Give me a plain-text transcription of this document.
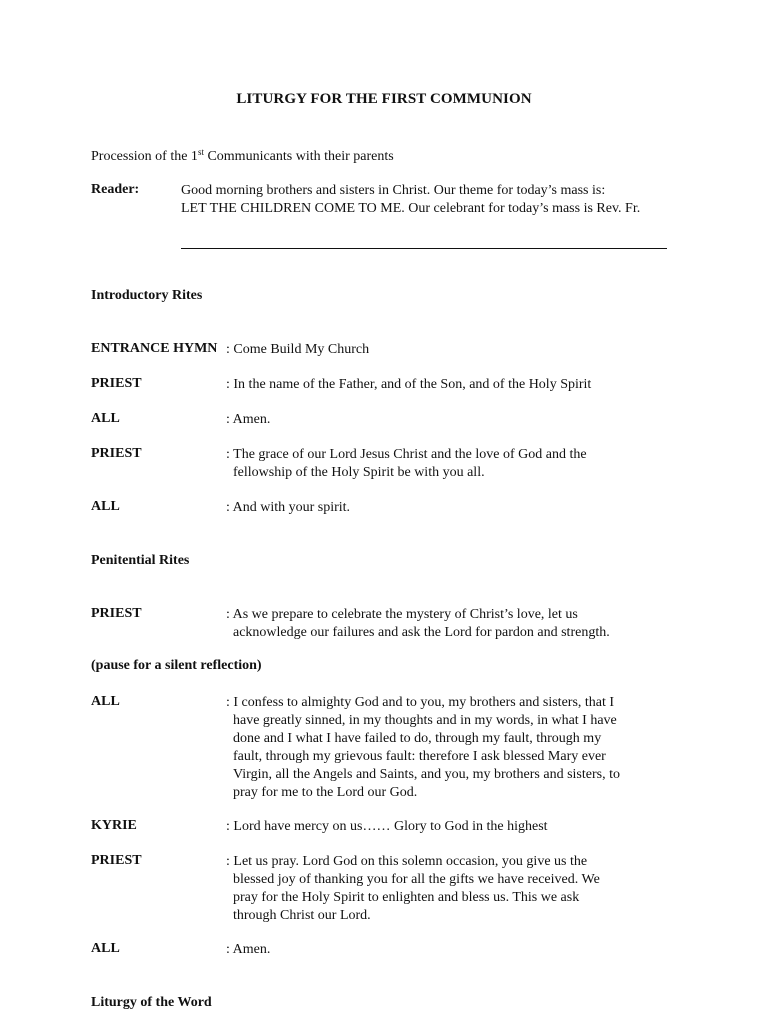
LITURGY FOR THE FIRST COMMUNION
Procession of the 1st Communicants with their parents
Reader:	Good morning brothers and sisters in Christ. Our theme for today’s mass is:
LET THE CHILDREN COME TO ME. Our celebrant for today’s mass is Rev. Fr.
Introductory Rites
ENTRANCE HYMN : Come Build My Church
PRIEST	: In the name of the Father, and of the Son, and of the Holy Spirit
ALL	: Amen.
PRIEST	: The grace of our Lord Jesus Christ and the love of God and the
fellowship of the Holy Spirit be with you all.
ALL	: And with your spirit.
Penitential Rites
PRIEST	: As we prepare to celebrate the mystery of Christ’s love, let us
acknowledge our failures and ask the Lord for pardon and strength.
(pause for a silent reflection)
ALL	: I confess to almighty God and to you, my brothers and sisters, that I
have greatly sinned, in my thoughts and in my words, in what I have
done and I what I have failed to do, through my fault, through my
fault, through my grievous fault: therefore I ask blessed Mary ever
Virgin, all the Angels and Saints, and you, my brothers and sisters, to
pray for me to the Lord our God.
KYRIE	: Lord have mercy on us…… Glory to God in the highest
PRIEST	: Let us pray. Lord God on this solemn occasion, you give us the
blessed joy of thanking you for all the gifts we have received. We
pray for the Holy Spirit to enlighten and bless us. This we ask
through Christ our Lord.
ALL	: Amen.
Liturgy of the Word
